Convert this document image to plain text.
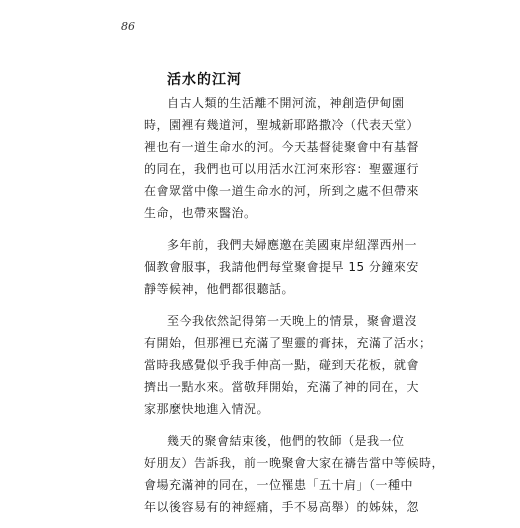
86
活水的江河
自古人類的生活離不開河流，神創造伊甸園
時，園裡有幾道河，聖城新耶路撒冷（代表天堂）
裡也有一道生命水的河。今天基督徒聚會中有基督
的同在，我們也可以用活水江河來形容：聖靈運行
在會眾當中像一道生命水的河，所到之處不但帶來
生命，也帶來醫治。
多年前，我們夫婦應邀在美國東岸紐澤西州一
個教會服事，我請他們每堂聚會提早 15 分鐘來安
靜等候神，他們都很聽話。
至今我依然記得第一天晚上的情景，聚會還沒
有開始，但那裡已充滿了聖靈的膏抹，充滿了活水；
當時我感覺似乎我手伸高一點，碰到天花板，就會
擠出一點水來。當敬拜開始，充滿了神的同在，大
家那麼快地進入情況。
幾天的聚會結束後，他們的牧師（是我一位
好朋友）告訴我，前一晚聚會大家在禱告當中等候時，
會場充滿神的同在，一位罹患「五十肩」（一種中
年以後容易有的神經痛，手不易高舉）的姊妹，忽
